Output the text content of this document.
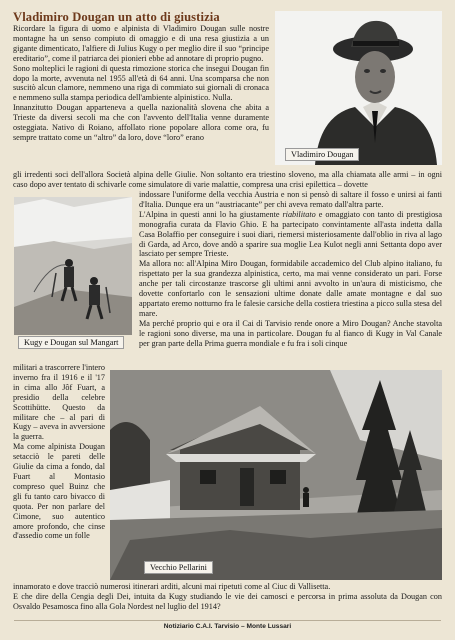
Vladimiro Dougan un atto di giustizia
Vladimiro Dougan

Ricordare la figura di uomo e alpinista di Vladimiro Dougan sulle nostre montagne ha un senso compiuto di omaggio e di una resa giustizia a un gigante dimenticato, l'alfiere di Julius Kugy o per meglio dire il suo “principe ereditario”, come il patriarca dei pionieri ebbe ad annotare di proprio pugno.

Sono molteplici le ragioni di questa rimozione storica che insegui Dougan fin dopo la morte, avvenuta nel 1955 all'età di 64 anni. Una scomparsa che non suscitò alcun clamore, nemmeno una riga di commiato sui giornali di cronaca e nemmeno sulla stampa periodica dell'ambiente alpinistico. Nulla.

Innanzitutto Dougan apparteneva a quella nazionalità slovena che abita a Trieste da diversi secoli ma che con l'avvento dell'Italia venne duramente osteggiata. Nativo di Roiano, affollato rione popolare allora come ora, fu sempre trattato come un “altro” da loro, dove “loro” erano

gli irredenti soci dell'allora Società alpina delle Giulie. Non soltanto era triestino sloveno, ma alla chiamata alle armi – in ogni caso dopo aver tentato di schivarle come simulatore di varie malattie, compresa una crisi epilettica – dovette

Kugy e Dougan sul Mangart

indossare l'uniforme della vecchia Austria e non si pensò di saltare il fosso e unirsi ai fanti d'Italia. Dunque era un “austriacante” per chi aveva remato dall'altra parte.

L'Alpina in questi anni lo ha giustamente riabilitato e omaggiato con tanto di prestigiosa monografia curata da Flavio Ghio. E ha partecipato convintamente all'asta indetta dalla Casa Bolaffio per conseguire i suoi diari, riemersi misteriosamente dall'oblio in riva al lago di Garda, ad Arco, dove andò a sparire sua moglie Lea Kulot negli anni Settanta dopo aver lasciato per sempre Trieste.

Ma allora no: all'Alpina Miro Dougan, formidabile accademico del Club alpino italiano, fu rispettato per la sua grandezza alpinistica, certo, ma mai venne considerato un pari. Forse anche per tali circostanze trascorse gli ultimi anni avvolto in un'aura di misticismo, che dovette confortarlo con le sensazioni ultime donate dalle amate montagne e dal suo appartato eremo notturno fra le falesie carsiche della costiera triestina a picco sulla stesa del mare.

Ma perché proprio qui e ora il Cai di Tarvisio rende onore a Miro Dougan? Anche stavolta le ragioni sono diverse, ma una in particolare. Dougan fu al fianco di Kugy in Val Canale per gran parte della Prima guerra mondiale e fu fra i soli cinque

militari a trascorrere l'intero inverno fra il 1916 e il '17 in cima allo Jôf Fuart, a presidio della celebre Scottihütte. Questo da militare che – al pari di Kugy – aveva in avversione la guerra.

Ma come alpinista Dougan setacciò le pareti delle Giulie da cima a fondo, dal Fuart al Montasio compreso quel Buinz che gli fu tanto caro bivacco di quota. Per non parlare del Cimone, suo autentico amore profondo, che cinse d'assedio come un folle

Vecchio Pellarini

innamorato e dove tracciò numerosi itinerari arditi, alcuni mai ripetuti come al Ciuc di Vallisetta.

E che dire della Cengia degli Dei, intuita da Kugy studiando le vie dei camosci e percorsa in prima assoluta da Dougan con Osvaldo Pesamosca fino alla Gola Nordest nel luglio del 1914?

Notiziario C.A.I. Tarvisio – Monte Lussari
